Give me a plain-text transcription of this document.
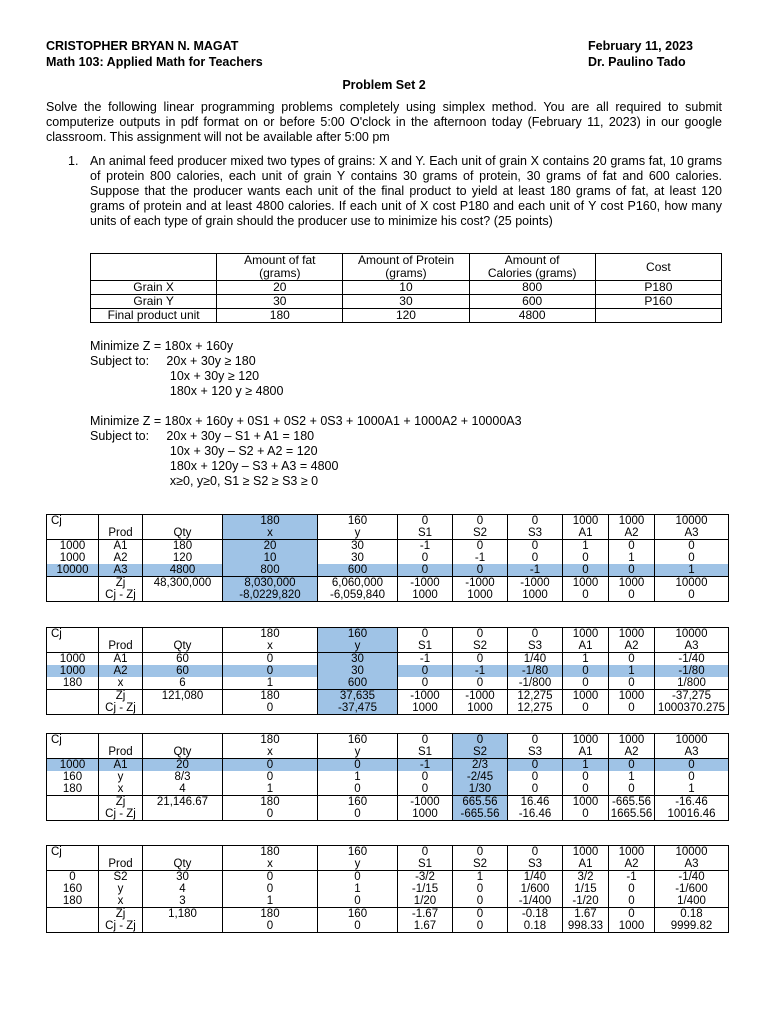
CRISTOPHER BRYAN N. MAGAT
Math 103: Applied Math for Teachers
February 11, 2023
Dr. Paulino Tado
Problem Set 2
Solve the following linear programming problems completely using simplex method. You are all required to submit computerize outputs in pdf format on or before 5:00 O'clock in the afternoon today (February 11, 2023) in our google classroom. This assignment will not be available after 5:00 pm
1. An animal feed producer mixed two types of grains: X and Y. Each unit of grain X contains 20 grams fat, 10 grams of protein 800 calories, each unit of grain Y contains 30 grams of protein, 30 grams of fat and 600 calories. Suppose that the producer wants each unit of the final product to yield at least 180 grams of fat, at least 120 grams of protein and at least 4800 calories. If each unit of X cost P180 and each unit of Y cost P160, how many units of each type of grain should the producer use to minimize his cost? (25 points)
	Amount of fat
(grams)	Amount of Protein
(grams)	Amount of
Calories (grams)	Cost
Grain X	20	10	800	P180
Grain Y	30	30	600	P160
Final product unit	180	120	4800	
Minimize Z = 180x + 160y
Subject to:     20x + 30y ≥ 180
10x + 30y ≥ 120
180x + 120 y ≥ 4800
Minimize Z = 180x + 160y + 0S1 + 0S2 + 0S3 + 1000A1 + 1000A2 + 10000A3
Subject to:     20x + 30y – S1 + A1 = 180
10x + 30y – S2 + A2 = 120
180x + 120y – S3 + A3 = 4800
x≥0, y≥0, S1 ≥ S2 ≥ S3 ≥ 0
Cj			180	160	0	0	0	1000	1000	10000
	Prod	Qty	x	y	S1	S2	S3	A1	A2	A3
1000	A1	180	20	30	-1	0	0	1	0	0
1000	A2	120	10	30	0	-1	0	0	1	0
10000	A3	4800	800	600	0	0	-1	0	0	1
	Zj	48,300,000	8,030,000	6,060,000	-1000	-1000	-1000	1000	1000	10000
	Cj - Zj		-8,0229,820	-6,059,840	1000	1000	1000	0	0	0
Cj			180	160	0	0	0	1000	1000	10000
	Prod	Qty	x	y	S1	S2	S3	A1	A2	A3
1000	A1	60	0	30	-1	0	1/40	1	0	-1/40
1000	A2	60	0	30	0	-1	-1/80	0	1	-1/80
180	x	6	1	600	0	0	-1/800	0	0	1/800
	Zj	121,080	180	37,635	-1000	-1000	12,275	1000	1000	-37,275
	Cj - Zj		0	-37,475	1000	1000	12,275	0	0	1000370.275
Cj			180	160	0	0	0	1000	1000	10000
	Prod	Qty	x	y	S1	S2	S3	A1	A2	A3
1000	A1	20	0	0	-1	2/3	0	1	0	0
160	y	8/3	0	1	0	-2/45	0	0	1	0
180	x	4	1	0	0	1/30	0	0	0	1
	Zj	21,146.67	180	160	-1000	665.56	16.46	1000	-665.56	-16.46
	Cj - Zj		0	0	1000	-665.56	-16.46	0	1665.56	10016.46
Cj			180	160	0	0	0	1000	1000	10000
	Prod	Qty	x	y	S1	S2	S3	A1	A2	A3
0	S2	30	0	0	-3/2	1	1/40	3/2	-1	-1/40
160	y	4	0	1	-1/15	0	1/600	1/15	0	-1/600
180	x	3	1	0	1/20	0	-1/400	-1/20	0	1/400
	Zj	1,180	180	160	-1.67	0	-0.18	1.67	0	0.18
	Cj - Zj		0	0	1.67	0	0.18	998.33	1000	9999.82
